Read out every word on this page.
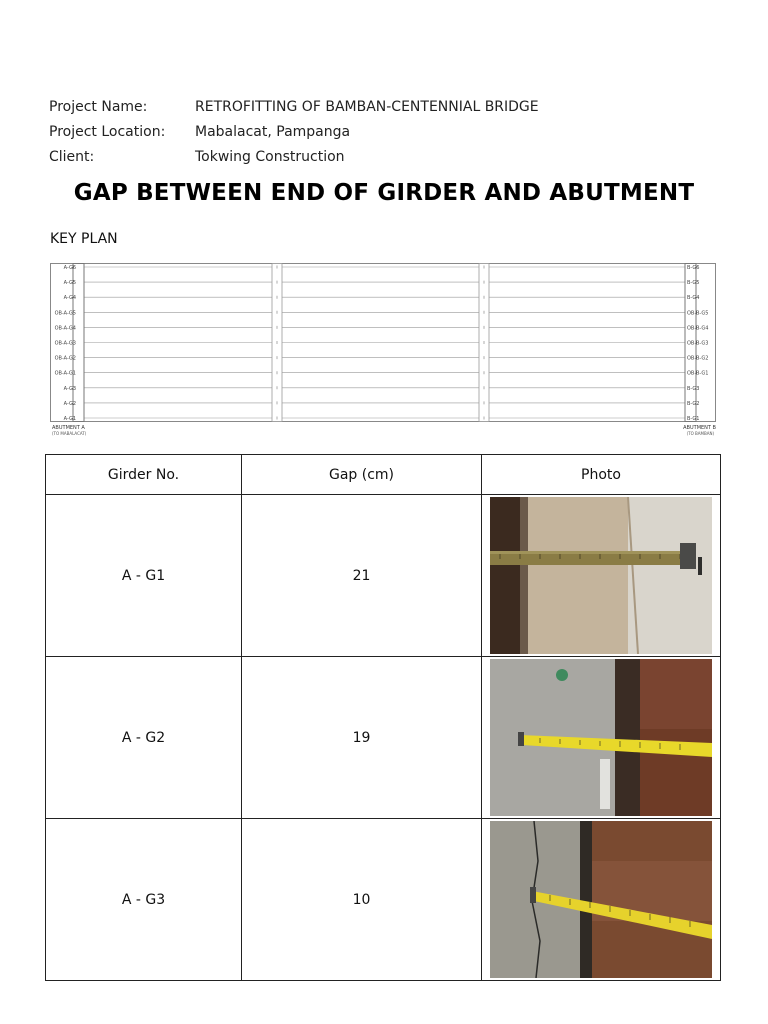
Project Name:	RETROFITTING OF BAMBAN-CENTENNIAL BRIDGE
Project Location:	Mabalacat, Pampanga
Client:	Tokwing Construction
GAP BETWEEN END OF GIRDER AND ABUTMENT
KEY PLAN
A-G6	B-G6
A-G5	B-G5
A-G4	B-G4
OB-A-G5	OB-B-G5
OB-A-G4	OB-B-G4
OB-A-G3	OB-B-G3
OB-A-G2	OB-B-G2
OB-A-G1	OB-B-G1
A-G3	B-G3
A-G2	B-G2
A-G1	B-G1
ABUTMENT A
(TO MABALACAT)
ABUTMENT B
(TO BAMBAN)
Girder No.	Gap (cm)	Photo
A - G1	21	

A - G2	19	

A - G3	10	
